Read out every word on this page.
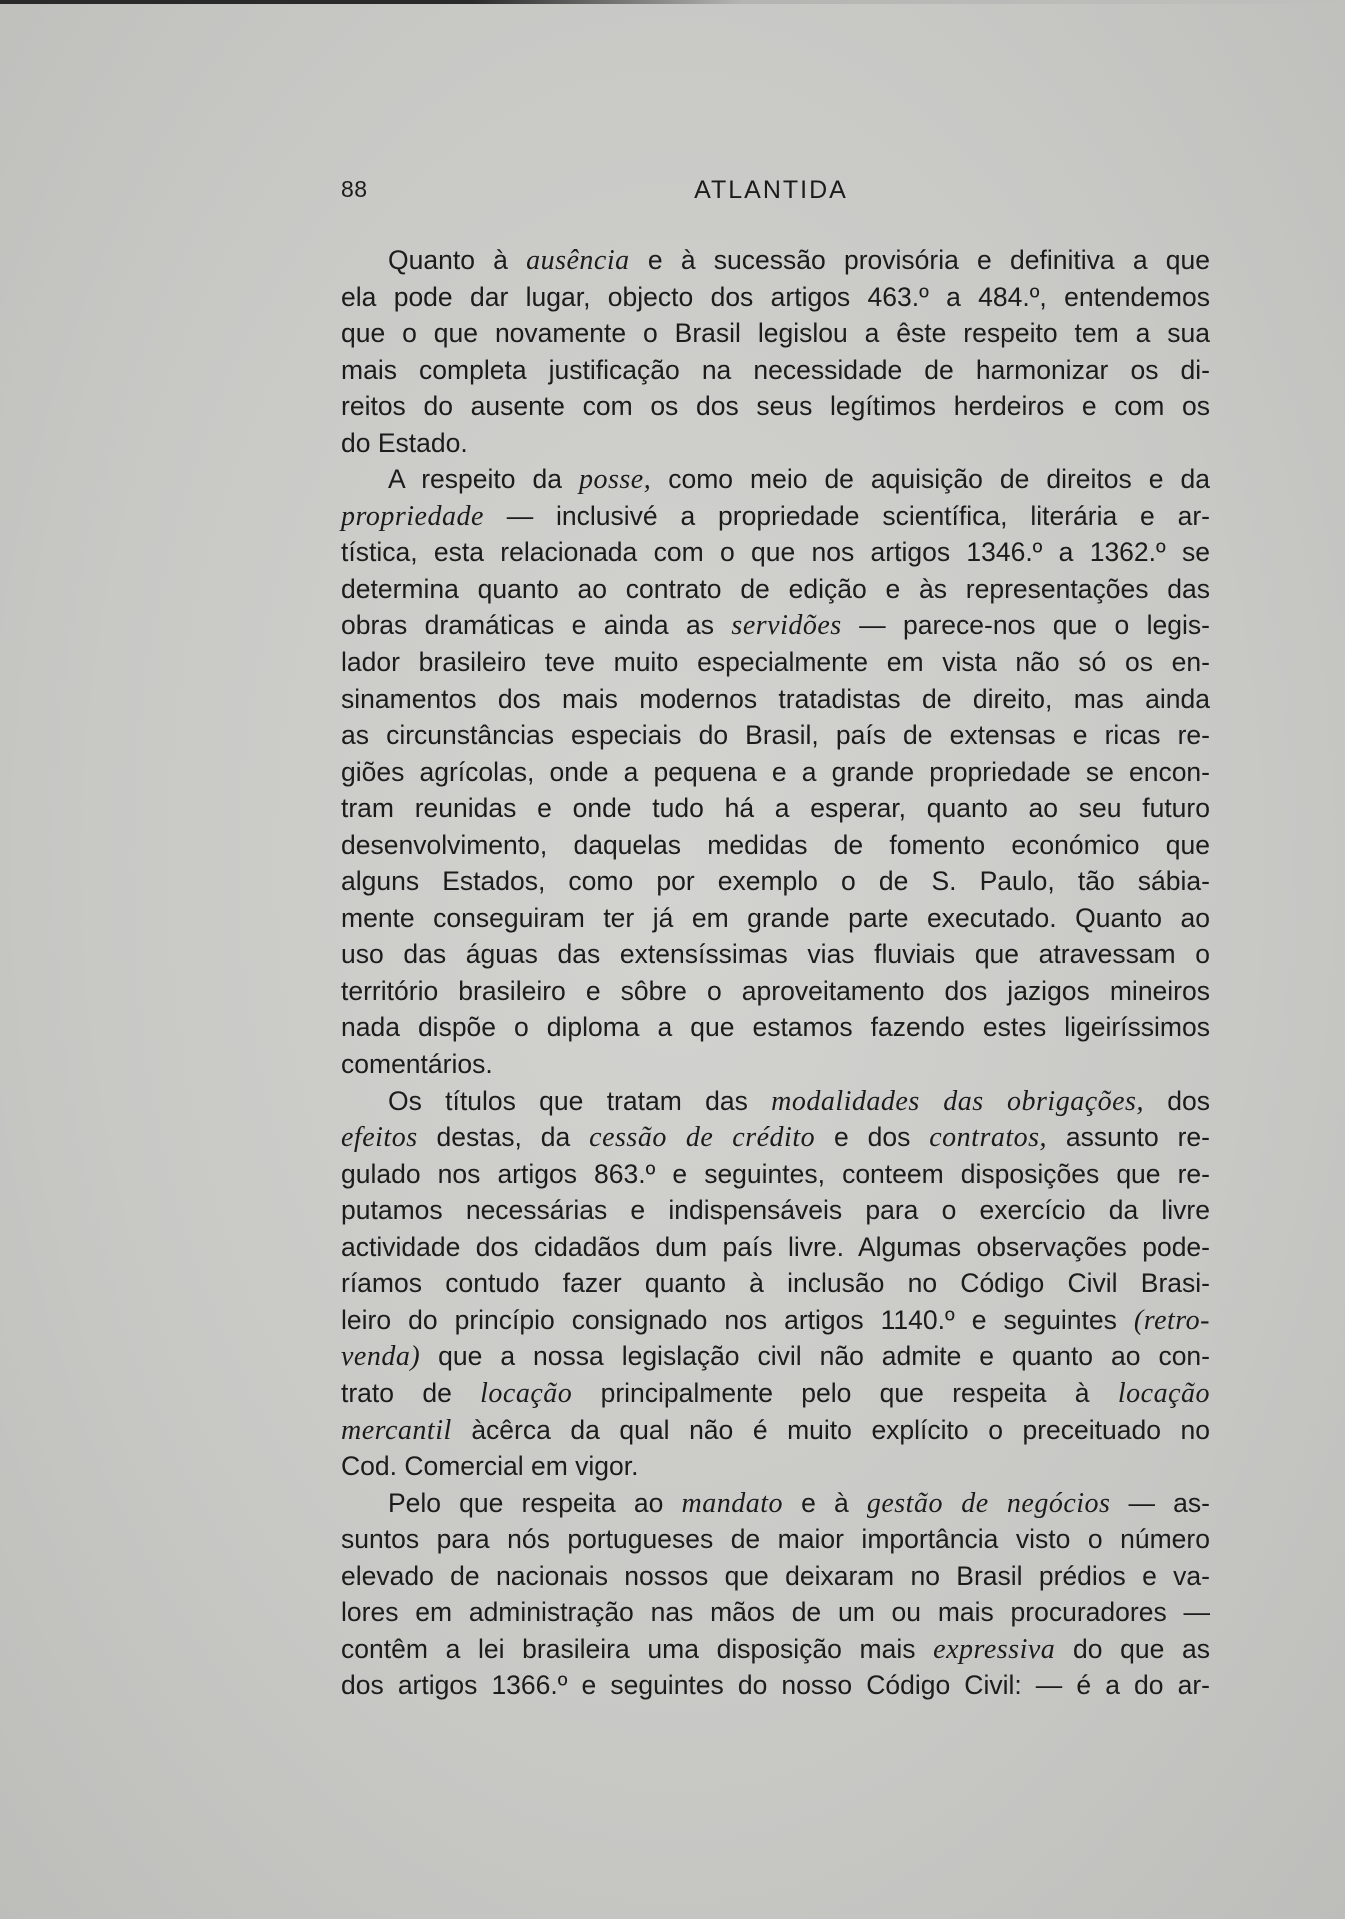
88	ATLANTIDA
Quanto à ausência e à sucessão provisória e definitiva a que
ela pode dar lugar, objecto dos artigos 463.º a 484.º, entendemos
que o que novamente o Brasil legislou a êste respeito tem a sua
mais completa justificação na necessidade de harmonizar os di-
reitos do ausente com os dos seus legítimos herdeiros e com os
do Estado.
A respeito da posse, como meio de aquisição de direitos e da
propriedade — inclusivé a propriedade scientífica, literária e ar-
tística, esta relacionada com o que nos artigos 1346.º a 1362.º se
determina quanto ao contrato de edição e às representações das
obras dramáticas e ainda as servidões — parece-nos que o legis-
lador brasileiro teve muito especialmente em vista não só os en-
sinamentos dos mais modernos tratadistas de direito, mas ainda
as circunstâncias especiais do Brasil, país de extensas e ricas re-
giões agrícolas, onde a pequena e a grande propriedade se encon-
tram reunidas e onde tudo há a esperar, quanto ao seu futuro
desenvolvimento, daquelas medidas de fomento económico que
alguns Estados, como por exemplo o de S. Paulo, tão sábia-
mente conseguiram ter já em grande parte executado. Quanto ao
uso das águas das extensíssimas vias fluviais que atravessam o
território brasileiro e sôbre o aproveitamento dos jazigos mineiros
nada dispõe o diploma a que estamos fazendo estes ligeiríssimos
comentários.
Os títulos que tratam das modalidades das obrigações, dos
efeitos destas, da cessão de crédito e dos contratos, assunto re-
gulado nos artigos 863.º e seguintes, conteem disposições que re-
putamos necessárias e indispensáveis para o exercício da livre
actividade dos cidadãos dum país livre. Algumas observações pode-
ríamos contudo fazer quanto à inclusão no Código Civil Brasi-
leiro do princípio consignado nos artigos 1140.º e seguintes (retro-
venda) que a nossa legislação civil não admite e quanto ao con-
trato de locação principalmente pelo que respeita à locação
mercantil àcêrca da qual não é muito explícito o preceituado no
Cod. Comercial em vigor.
Pelo que respeita ao mandato e à gestão de negócios — as-
suntos para nós portugueses de maior importância visto o número
elevado de nacionais nossos que deixaram no Brasil prédios e va-
lores em administração nas mãos de um ou mais procuradores —
contêm a lei brasileira uma disposição mais expressiva do que as
dos artigos 1366.º e seguintes do nosso Código Civil: — é a do ar-
